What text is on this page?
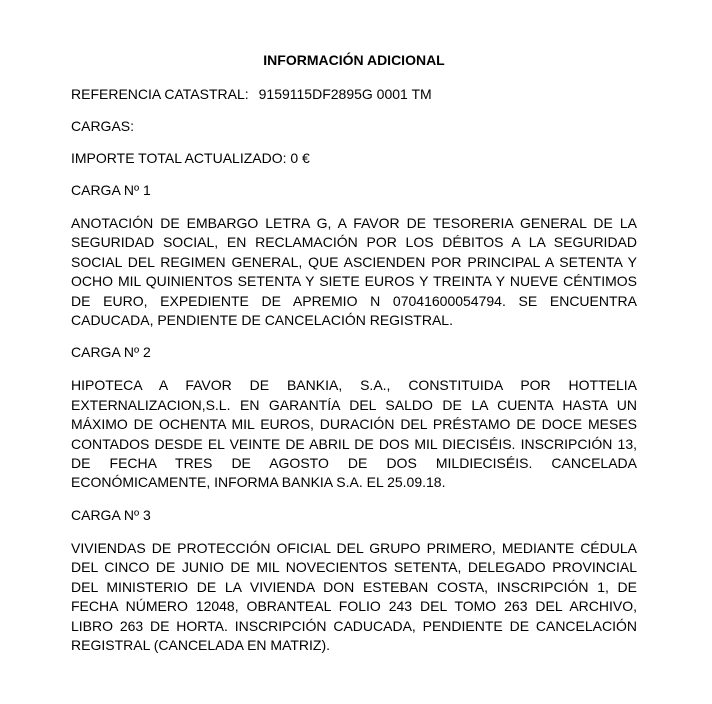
INFORMACIÓN ADICIONAL
REFERENCIA CATASTRAL: 9159115DF2895G 0001 TM
CARGAS:
IMPORTE TOTAL ACTUALIZADO: 0 €
CARGA Nº 1
ANOTACIÓN DE EMBARGO LETRA G, A FAVOR DE TESORERIA GENERAL DE LA SEGURIDAD SOCIAL, EN RECLAMACIÓN POR LOS DÉBITOS A LA SEGURIDAD SOCIAL DEL REGIMEN GENERAL, QUE ASCIENDEN POR PRINCIPAL A SETENTA Y OCHO MIL QUINIENTOS SETENTA Y SIETE EUROS Y TREINTA Y NUEVE CÉNTIMOS DE EURO, EXPEDIENTE DE APREMIO N 07041600054794. SE ENCUENTRA CADUCADA, PENDIENTE DE CANCELACIÓN REGISTRAL.
CARGA Nº 2
HIPOTECA A FAVOR DE BANKIA, S.A., CONSTITUIDA POR HOTTELIA EXTERNALIZACION,S.L. EN GARANTÍA DEL SALDO DE LA CUENTA HASTA UN MÁXIMO DE OCHENTA MIL EUROS, DURACIÓN DEL PRÉSTAMO DE DOCE MESES CONTADOS DESDE EL VEINTE DE ABRIL DE DOS MIL DIECISÉIS. INSCRIPCIÓN 13, DE FECHA TRES DE AGOSTO DE DOS MILDIECISÉIS. CANCELADA ECONÓMICAMENTE, INFORMA BANKIA S.A. EL 25.09.18.
CARGA Nº 3
VIVIENDAS DE PROTECCIÓN OFICIAL DEL GRUPO PRIMERO, MEDIANTE CÉDULA DEL CINCO DE JUNIO DE MIL NOVECIENTOS SETENTA, DELEGADO PROVINCIAL DEL MINISTERIO DE LA VIVIENDA DON ESTEBAN COSTA, INSCRIPCIÓN 1, DE FECHA NÚMERO 12048, OBRANTEAL FOLIO 243 DEL TOMO 263 DEL ARCHIVO, LIBRO 263 DE HORTA. INSCRIPCIÓN CADUCADA, PENDIENTE DE CANCELACIÓN REGISTRAL (CANCELADA EN MATRIZ).
